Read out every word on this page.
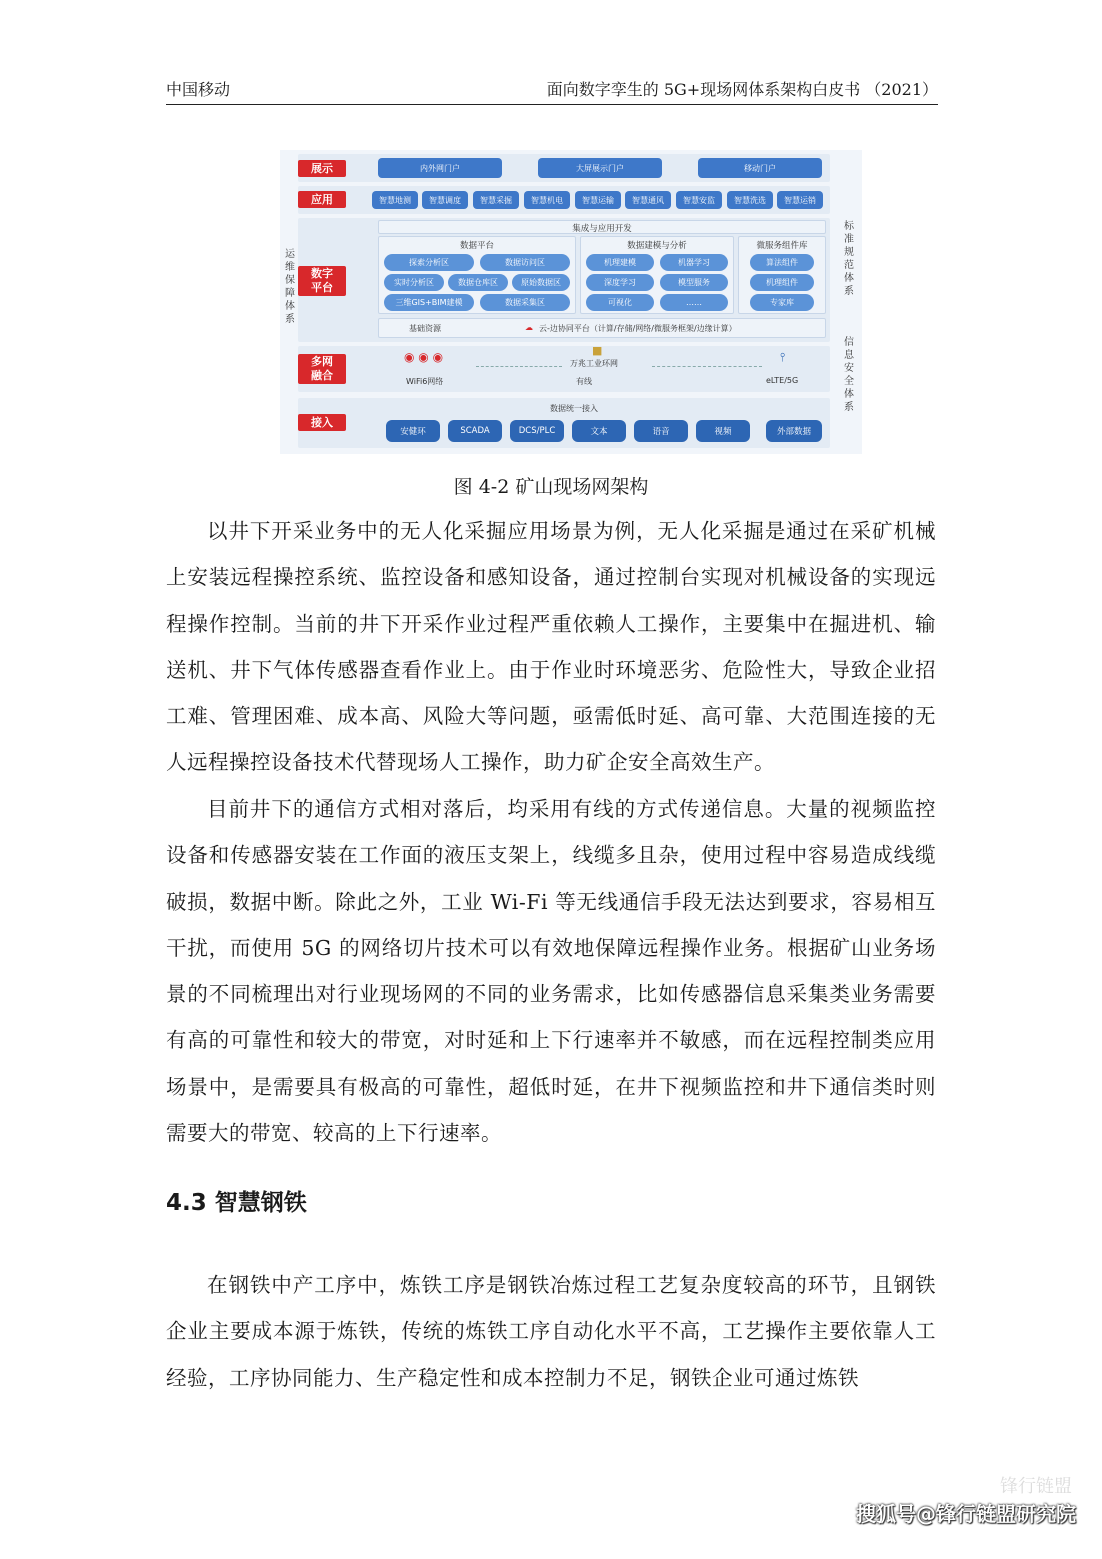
中国移动	面向数字孪生的 5G+现场网体系架构白皮书 （2021）
运维保障体系
标准规范体系
信息安全体系
展示	内外网门户	大屏展示门户	移动门户
应用	智慧地测	智慧调度	智慧采掘	智慧机电	智慧运输	智慧通风	智慧安监	智慧洗选	智慧运销
数字平台
集成与应用开发
数据平台
探索分析区	数据访问区
实时分析区	数据仓库区	原始数据区
三维GIS+BIM建模	数据采集区
数据建模与分析
机理建模	机器学习
深度学习	模型服务
可视化	……
微服务组件库
算法组件
机理组件
专家库
基础资源	☁ 云-边协同平台（计算/存储/网络/微服务框架/边缘计算）
多网融合
◉ ◉ ◉
WiFi6网络
■
万兆工业环网
有线
⫯
eLTE/5G
接入
数据统一接入
安健环	SCADA	DCS/PLC	文本	语音	视频	外部数据
图 4-2 矿山现场网架构

以井下开采业务中的无人化采掘应用场景为例，无人化采掘是通过在采矿机械上安装远程操控系统、监控设备和感知设备，通过控制台实现对机械设备的实现远程操作控制。当前的井下开采作业过程严重依赖人工操作，主要集中在掘进机、输送机、井下气体传感器查看作业上。由于作业时环境恶劣、危险性大，导致企业招工难、管理困难、成本高、风险大等问题，亟需低时延、高可靠、大范围连接的无人远程操控设备技术代替现场人工操作，助力矿企安全高效生产。

目前井下的通信方式相对落后，均采用有线的方式传递信息。大量的视频监控设备和传感器安装在工作面的液压支架上，线缆多且杂，使用过程中容易造成线缆破损，数据中断。除此之外，工业 Wi-Fi 等无线通信手段无法达到要求，容易相互干扰，而使用 5G 的网络切片技术可以有效地保障远程操作业务。根据矿山业务场景的不同梳理出对行业现场网的不同的业务需求，比如传感器信息采集类业务需要有高的可靠性和较大的带宽，对时延和上下行速率并不敏感，而在远程控制类应用场景中，是需要具有极高的可靠性，超低时延，在井下视频监控和井下通信类时则需要大的带宽、较高的上下行速率。

4.3 智慧钢铁

在钢铁中产工序中，炼铁工序是钢铁冶炼过程工艺复杂度较高的环节，且钢铁企业主要成本源于炼铁，传统的炼铁工序自动化水平不高，工艺操作主要依靠人工经验，工序协同能力、生产稳定性和成本控制力不足，钢铁企业可通过炼铁

锋行链盟
搜狐号@锋行链盟研究院
